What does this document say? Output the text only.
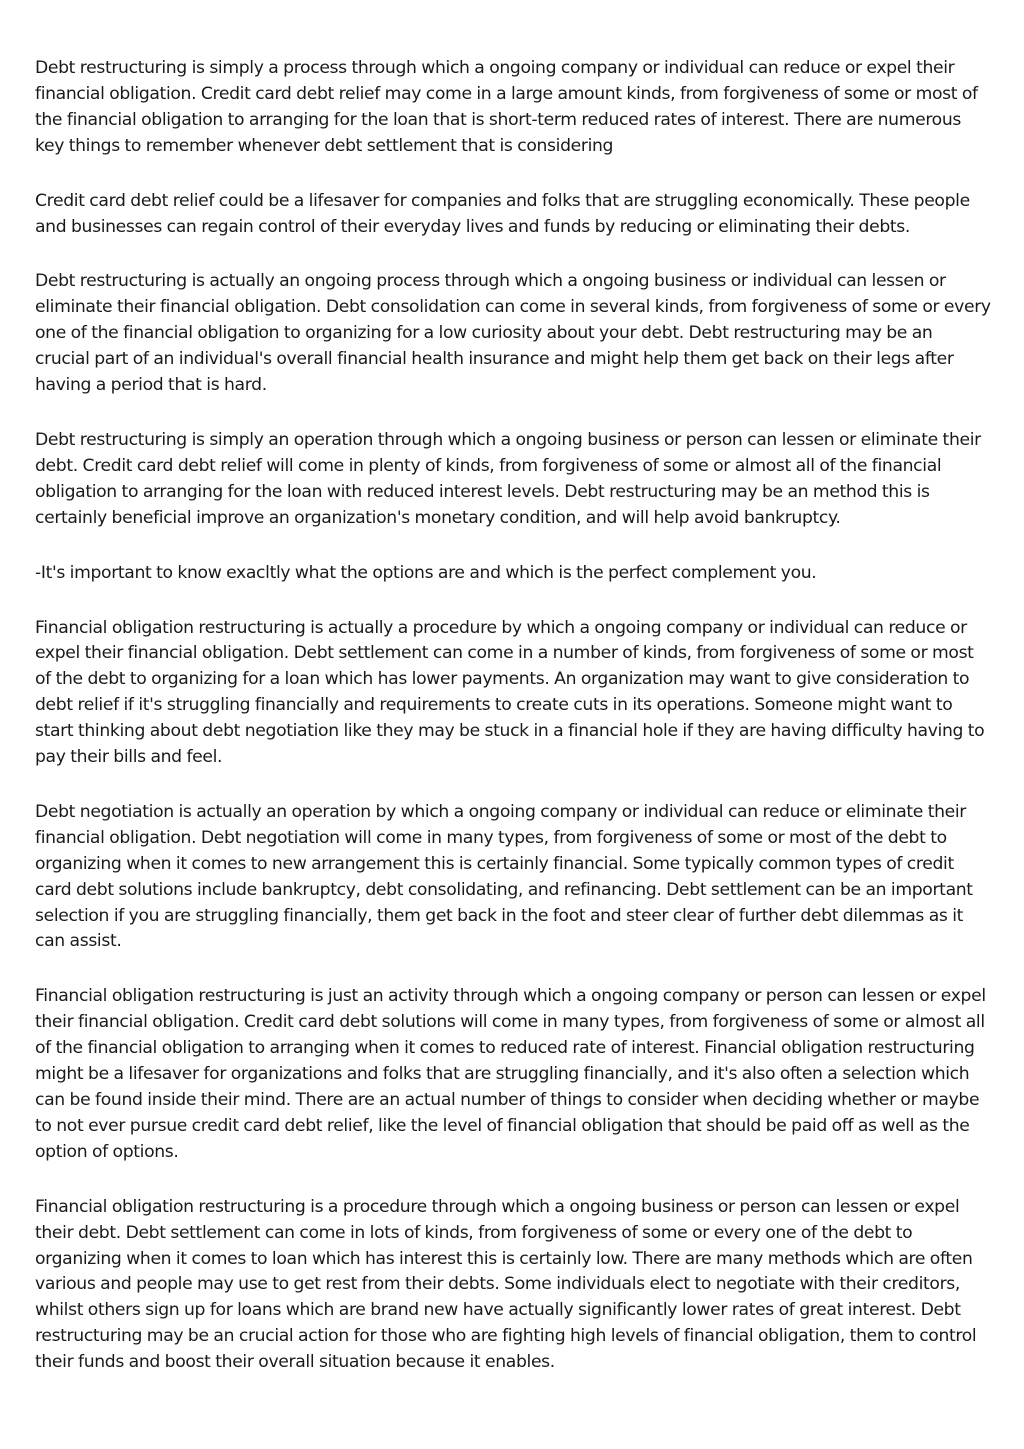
Debt restructuring is simply a process through which a ongoing company or individual can reduce or expel their financial obligation. Credit card debt relief may come in a large amount kinds, from forgiveness of some or most of the financial obligation to arranging for the loan that is short-term reduced rates of interest. There are numerous key things to remember whenever debt settlement that is considering

Credit card debt relief could be a lifesaver for companies and folks that are struggling economically. These people and businesses can regain control of their everyday lives and funds by reducing or eliminating their debts.

Debt restructuring is actually an ongoing process through which a ongoing business or individual can lessen or eliminate their financial obligation. Debt consolidation can come in several kinds, from forgiveness of some or every one of the financial obligation to organizing for a low curiosity about your debt. Debt restructuring may be an crucial part of an individual's overall financial health insurance and might help them get back on their legs after having a period that is hard.

Debt restructuring is simply an operation through which a ongoing business or person can lessen or eliminate their debt. Credit card debt relief will come in plenty of kinds, from forgiveness of some or almost all of the financial obligation to arranging for the loan with reduced interest levels. Debt restructuring may be an method this is certainly beneficial improve an organization's monetary condition, and will help avoid bankruptcy.

-It's important to know exacltly what the options are and which is the perfect complement you.

Financial obligation restructuring is actually a procedure by which a ongoing company or individual can reduce or expel their financial obligation. Debt settlement can come in a number of kinds, from forgiveness of some or most of the debt to organizing for a loan which has lower payments. An organization may want to give consideration to debt relief if it's struggling financially and requirements to create cuts in its operations. Someone might want to start thinking about debt negotiation like they may be stuck in a financial hole if they are having difficulty having to pay their bills and feel.

Debt negotiation is actually an operation by which a ongoing company or individual can reduce or eliminate their financial obligation. Debt negotiation will come in many types, from forgiveness of some or most of the debt to organizing when it comes to new arrangement this is certainly financial. Some typically common types of credit card debt solutions include bankruptcy, debt consolidating, and refinancing. Debt settlement can be an important selection if you are struggling financially, them get back in the foot and steer clear of further debt dilemmas as it can assist.

Financial obligation restructuring is just an activity through which a ongoing company or person can lessen or expel their financial obligation. Credit card debt solutions will come in many types, from forgiveness of some or almost all of the financial obligation to arranging when it comes to reduced rate of interest. Financial obligation restructuring might be a lifesaver for organizations and folks that are struggling financially, and it's also often a selection which can be found inside their mind. There are an actual number of things to consider when deciding whether or maybe to not ever pursue credit card debt relief, like the level of financial obligation that should be paid off as well as the option of options.

Financial obligation restructuring is a procedure through which a ongoing business or person can lessen or expel their debt. Debt settlement can come in lots of kinds, from forgiveness of some or every one of the debt to organizing when it comes to loan which has interest this is certainly low. There are many methods which are often various and people may use to get rest from their debts. Some individuals elect to negotiate with their creditors, whilst others sign up for loans which are brand new have actually significantly lower rates of great interest. Debt restructuring may be an crucial action for those who are fighting high levels of financial obligation, them to control their funds and boost their overall situation because it enables.
